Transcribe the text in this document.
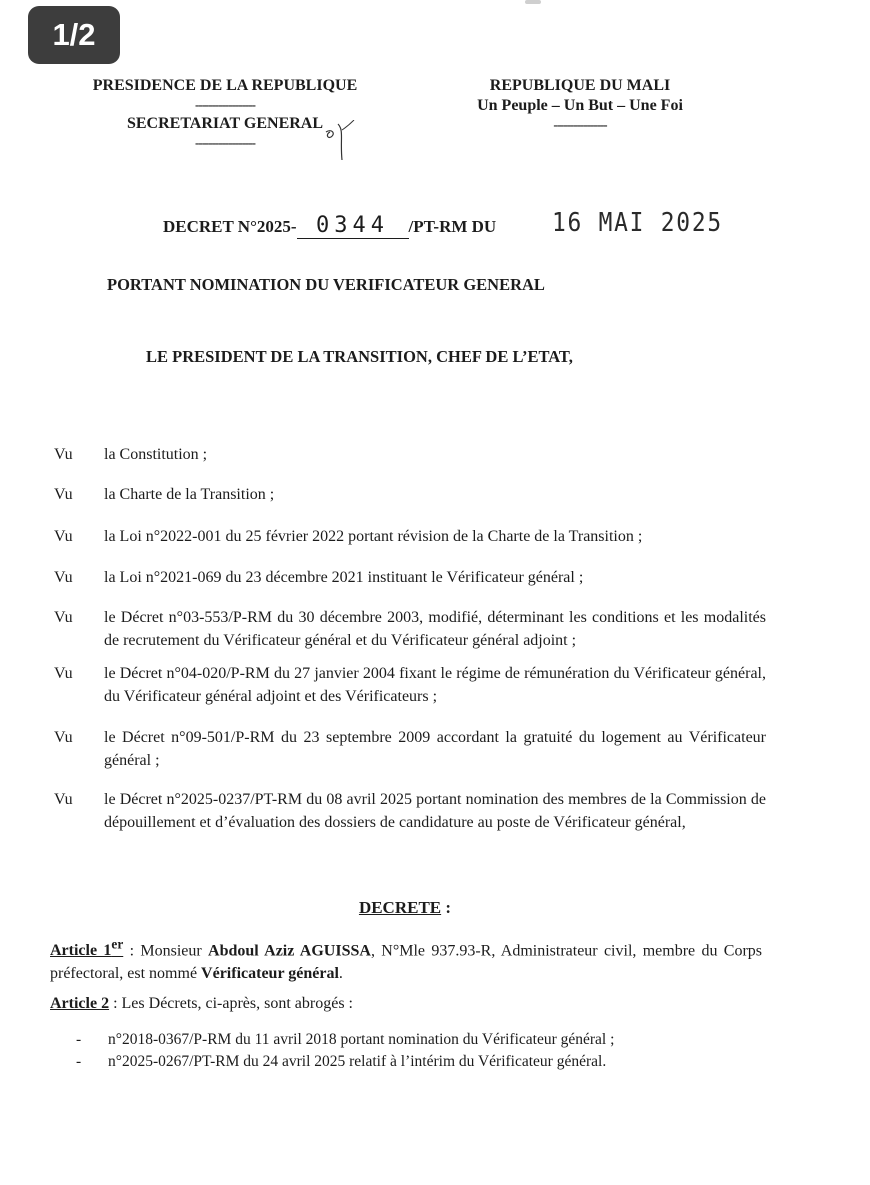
1/2
PRESIDENCE DE LA REPUBLIQUE
------------------
SECRETARIAT GENERAL
------------------
REPUBLIQUE DU MALI
Un Peuple – Un But – Une Foi
----------------
DECRET N°2025- 0344 /PT-RM DU 16 MAI 2025
PORTANT NOMINATION DU VERIFICATEUR GENERAL
LE PRESIDENT DE LA TRANSITION, CHEF DE L’ETAT,
Vu	la Constitution ;
Vu	la Charte de la Transition ;
Vu	la Loi n°2022-001 du 25 février 2022 portant révision de la Charte de la Transition ;
Vu	la Loi n°2021-069 du 23 décembre 2021 instituant le Vérificateur général ;
Vu	le Décret n°03-553/P-RM du 30 décembre 2003, modifié, déterminant les conditions et les modalités de recrutement du Vérificateur général et du Vérificateur général adjoint ;
Vu	le Décret n°04-020/P-RM du 27 janvier 2004 fixant le régime de rémunération du Vérificateur général, du Vérificateur général adjoint et des Vérificateurs ;
Vu	le Décret n°09-501/P-RM du 23 septembre 2009 accordant la gratuité du logement au Vérificateur général ;
Vu	le Décret n°2025-0237/PT-RM du 08 avril 2025 portant nomination des membres de la Commission de dépouillement et d’évaluation des dossiers de candidature au poste de Vérificateur général,
DECRETE :
Article 1er : Monsieur Abdoul Aziz AGUISSA, N°Mle 937.93-R, Administrateur civil, membre du Corps préfectoral, est nommé Vérificateur général.
Article 2 : Les Décrets, ci-après, sont abrogés :
-	n°2018-0367/P-RM du 11 avril 2018 portant nomination du Vérificateur général ;
-	n°2025-0267/PT-RM du 24 avril 2025 relatif à l’intérim du Vérificateur général.
